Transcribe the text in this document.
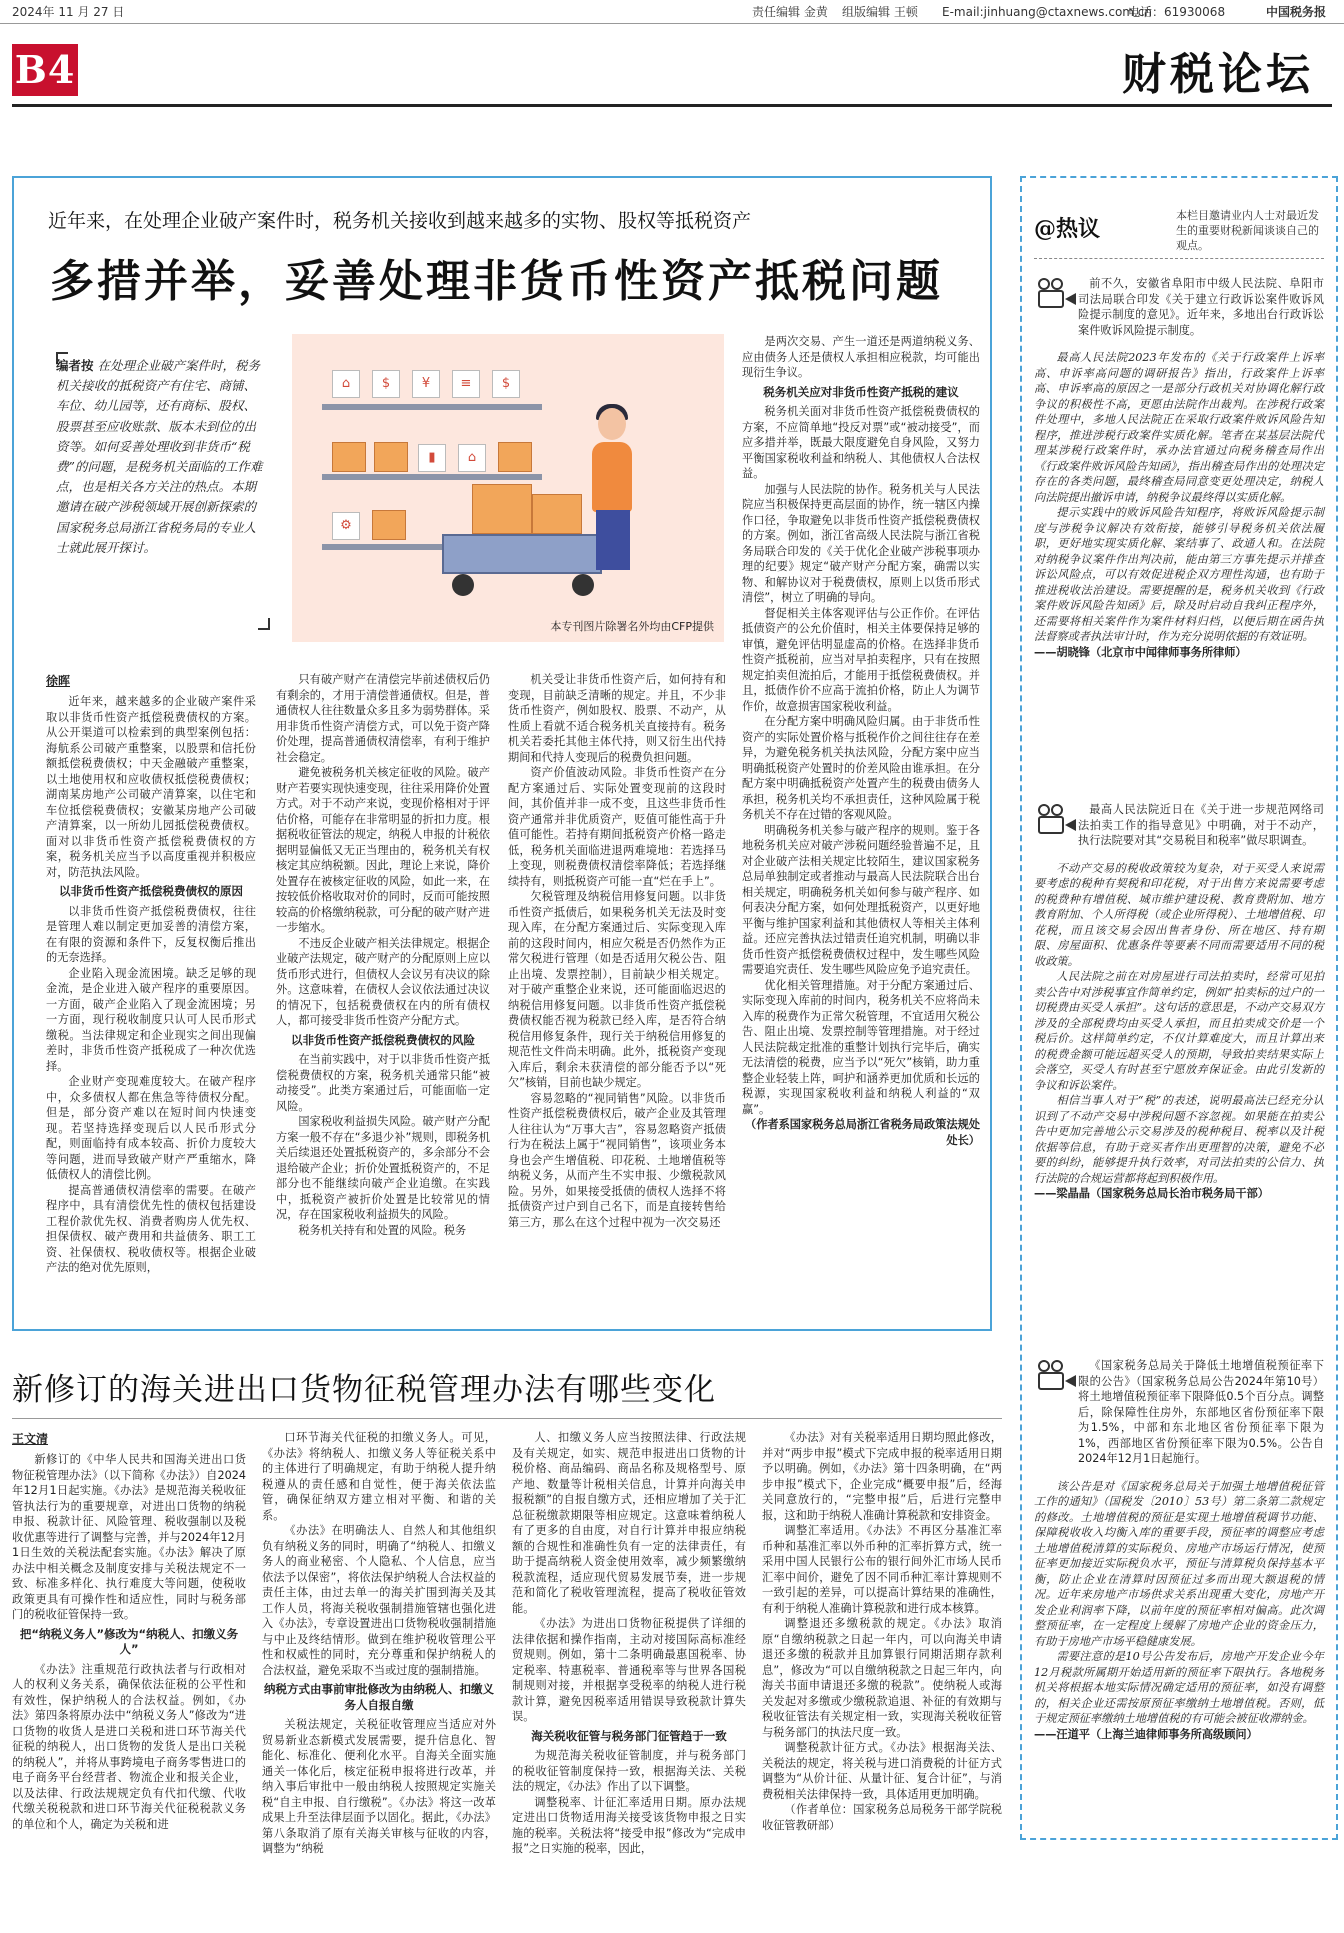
2024年 11 月 27 日	责任编辑 金黄 组版编辑 王顿 E-mail:jinhuang@ctaxnews.com.cn
电话：61930068	中国税务报
B4	财税论坛
近年来，在处理企业破产案件时，税务机关接收到越来越多的实物、股权等抵税资产
多措并举，妥善处理非货币性资产抵税问题
编者按 在处理企业破产案件时，税务机关接收的抵税资产有住宅、商铺、车位、幼儿园等，还有商标、股权、股票甚至应收账款、版本未到位的出资等。如何妥善处理收到非货币“税费”的问题，是税务机关面临的工作难点，也是相关各方关注的热点。本期邀请在破产涉税领域开展创新探索的国家税务总局浙江省税务局的专业人士就此展开探讨。
⌂	$	¥	≡	$
▮	⌂
⚙
本专刊图片除署名外均由CFP提供

是两次交易、产生一道还是两道纳税义务、应由债务人还是债权人承担相应税款，均可能出现衍生争议。

税务机关应对非货币性资产抵税的建议

税务机关面对非货币性资产抵偿税费债权的方案，不应简单地“投反对票”或“被动接受”，而应多措并举，既最大限度避免自身风险，又努力平衡国家税收利益和纳税人、其他债权人合法权益。

加强与人民法院的协作。税务机关与人民法院应当积极保持更高层面的协作，统一辖区内操作口径，争取避免以非货币性资产抵偿税费债权的方案。例如，浙江省高级人民法院与浙江省税务局联合印发的《关于优化企业破产涉税事项办理的纪要》规定“破产财产分配方案，确需以实物、和解协议对于税费债权，原则上以货币形式清偿”，树立了明确的导向。

督促相关主体客观评估与公正作价。在评估抵债资产的公允价值时，相关主体要保持足够的审慎，避免评估明显虚高的价格。在选择非货币性资产抵税前，应当对早拍卖程序，只有在按照规定拍卖但流拍后，才能用于抵偿税费债权。并且，抵债作价不应高于流拍价格，防止人为调节作价，故意损害国家税收利益。

在分配方案中明确风险归属。由于非货币性资产的实际处置价格与抵税作价之间往往存在差异，为避免税务机关执法风险，分配方案中应当明确抵税资产处置时的价差风险由谁承担。在分配方案中明确抵税资产处置产生的税费由债务人承担，税务机关均不承担责任，这种风险属于税务机关不存在过错的客观风险。

明确税务机关参与破产程序的规则。鉴于各地税务机关应对破产涉税问题经验普遍不足，且对企业破产法相关规定比较陌生，建议国家税务总局单独制定或者推动与最高人民法院联合出台相关规定，明确税务机关如何参与破产程序、如何表决分配方案，如何处理抵税资产，以更好地平衡与维护国家利益和其他债权人等相关主体利益。还应完善执法过错责任追究机制，明确以非货币性资产抵偿税费债权过程中，发生哪些风险需要追究责任、发生哪些风险应免予追究责任。

优化相关管理措施。对于分配方案通过后、实际变现入库前的时间内，税务机关不应将尚未入库的税费作为正常欠税管理，不宜适用欠税公告、阻止出境、发票控制等管理措施。对于经过人民法院裁定批准的重整计划执行完毕后，确实无法清偿的税费，应当予以“死欠”核销，助力重整企业轻装上阵，呵护和涵养更加优质和长远的税源，实现国家税收利益和纳税人利益的“双赢”。

（作者系国家税务总局浙江省税务局政策法规处处长）

徐晖

近年来，越来越多的企业破产案件采取以非货币性资产抵偿税费债权的方案。从公开渠道可以检索到的典型案例包括：海航系公司破产重整案，以股票和信托份额抵偿税费债权；中天金融破产重整案，以土地使用权和应收债权抵偿税费债权；湖南某房地产公司破产清算案，以住宅和车位抵偿税费债权；安徽某房地产公司破产清算案，以一所幼儿园抵偿税费债权。面对以非货币性资产抵偿税费债权的方案，税务机关应当予以高度重视并积极应对，防范执法风险。

以非货币性资产抵偿税费债权的原因

以非货币性资产抵偿税费债权，往往是管理人难以制定更加妥善的清偿方案，在有限的资源和条件下，反复权衡后推出的无奈选择。

企业陷入现金流困境。缺乏足够的现金流，是企业进入破产程序的重要原因。一方面，破产企业陷入了现金流困境；另一方面，现行税收制度只认可人民币形式缴税。当法律规定和企业现实之间出现偏差时，非货币性资产抵税成了一种次优选择。

企业财产变现难度较大。在破产程序中，众多债权人都在焦急等待债权分配。但是，部分资产难以在短时间内快速变现。若坚持选择变现后以人民币形式分配，则面临持有成本较高、折价力度较大等问题，进而导致破产财产严重缩水，降低债权人的清偿比例。

提高普通债权清偿率的需要。在破产程序中，具有清偿优先性的债权包括建设工程价款优先权、消费者购房人优先权、担保债权、破产费用和共益债务、职工工资、社保债权、税收债权等。根据企业破产法的绝对优先原则，

只有破产财产在清偿完毕前述债权后仍有剩余的，才用于清偿普通债权。但是，普通债权人往往数量众多且多为弱势群体。采用非货币性资产清偿方式，可以免于资产降价处理，提高普通债权清偿率，有利于维护社会稳定。

避免被税务机关核定征收的风险。破产财产若要实现快速变现，往往采用降价处置方式。对于不动产来说，变现价格相对于评估价格，可能存在非常明显的折扣力度。根据税收征管法的规定，纳税人申报的计税依据明显偏低又无正当理由的，税务机关有权核定其应纳税额。因此，理论上来说，降价处置存在被核定征收的风险，如此一来，在按较低价格收取对价的同时，反而可能按照较高的价格缴纳税款，可分配的破产财产进一步缩水。

不违反企业破产相关法律规定。根据企业破产法规定，破产财产的分配原则上应以货币形式进行，但债权人会议另有决议的除外。这意味着，在债权人会议依法通过决议的情况下，包括税费债权在内的所有债权人，都可接受非货币性资产分配方式。

以非货币性资产抵偿税费债权的风险

在当前实践中，对于以非货币性资产抵偿税费债权的方案，税务机关通常只能“被动接受”。此类方案通过后，可能面临一定风险。

国家税收利益损失风险。破产财产分配方案一般不存在“多退少补”规则，即税务机关后续退还处置抵税资产的，多余部分不会退给破产企业；折价处置抵税资产的，不足部分也不能继续向破产企业追缴。在实践中，抵税资产被折价处置是比较常见的情况，存在国家税收利益损失的风险。

税务机关持有和处置的风险。税务

机关受让非货币性资产后，如何持有和变现，目前缺乏清晰的规定。并且，不少非货币性资产，例如股权、股票、不动产，从性质上看就不适合税务机关直接持有。税务机关若委托其他主体代持，则又衍生出代持期间和代持人变现后的税费负担问题。

资产价值波动风险。非货币性资产在分配方案通过后、实际处置变现前的这段时间，其价值并非一成不变，且这些非货币性资产通常并非优质资产，贬值可能性高于升值可能性。若持有期间抵税资产价格一路走低，税务机关面临进退两难境地：若选择马上变现，则税费债权清偿率降低；若选择继续持有，则抵税资产可能一直“烂在手上”。

欠税管理及纳税信用修复问题。以非货币性资产抵债后，如果税务机关无法及时变现入库，在分配方案通过后、实际变现入库前的这段时间内，相应欠税是否仍然作为正常欠税进行管理（如是否适用欠税公告、阻止出境、发票控制），目前缺少相关规定。对于破产重整企业来说，还可能面临迟迟的纳税信用修复问题。以非货币性资产抵偿税费债权能否视为税款已经入库，是否符合纳税信用修复条件，现行关于纳税信用修复的规范性文件尚未明确。此外，抵税资产变现入库后，剩余未获清偿的部分能否予以“死欠”核销，目前也缺少规定。

容易忽略的“视同销售”风险。以非货币性资产抵偿税费债权后，破产企业及其管理人往往认为“万事大吉”，容易忽略资产抵债行为在税法上属于“视同销售”，该项业务本身也会产生增值税、印花税、土地增值税等纳税义务，从而产生不实申报、少缴税款风险。另外，如果接受抵债的债权人选择不将抵债资产过户到自己名下，而是直接转售给第三方，那么在这个过程中视为一次交易还

@热议
本栏目邀请业内人士对最近发生的重要财税新闻谈谈自己的观点。

前不久，安徽省阜阳市中级人民法院、阜阳市司法局联合印发《关于建立行政诉讼案件败诉风险提示制度的意见》。近年来，多地出台行政诉讼案件败诉风险提示制度。

最高人民法院2023年发布的《关于行政案件上诉率高、申诉率高问题的调研报告》指出，行政案件上诉率高、申诉率高的原因之一是部分行政机关对协调化解行政争议的积极性不高，更愿由法院作出裁判。在涉税行政案件处理中，多地人民法院正在采取行政案件败诉风险告知程序，推进涉税行政案件实质化解。笔者在某基层法院代理某涉税行政案件时，承办法官通过向税务稽查局作出《行政案件败诉风险告知函》，指出稽查局作出的处理决定存在的各类问题，最终稽查局同意变更处理决定，纳税人向法院提出撤诉申请，纳税争议最终得以实质化解。

提示实践中的败诉风险告知程序，将败诉风险提示制度与涉税争议解决有效衔接，能够引导税务机关依法履职，更好地实现实质化解、案结事了、政通人和。在法院对纳税争议案件作出判决前，能由第三方事先提示并排查诉讼风险点，可以有效促进税企双方理性沟通，也有助于推进税收法治建设。需要提醒的是，税务机关收到《行政案件败诉风险告知函》后，除及时启动自我纠正程序外，还需要将相关案件作为案件材料归档，以便后期在函告执法督察或者执法审计时，作为充分说明依据的有效证明。

——胡晓锋（北京市中闻律师事务所律师）

最高人民法院近日在《关于进一步规范网络司法拍卖工作的指导意见》中明确，对于不动产，执行法院要对其“交易税目和税率”做尽职调查。

不动产交易的税收政策较为复杂，对于买受人来说需要考虑的税种有契税和印花税，对于出售方来说需要考虑的税费种有增值税、城市维护建设税、教育费附加、地方教育附加、个人所得税（或企业所得税）、土地增值税、印花税，而且该交易会因出售者身份、所在地区、持有期限、房屋面积、优惠条件等要素不同而需要适用不同的税收政策。

人民法院之前在对房屋进行司法拍卖时，经常可见拍卖公告中对涉税事宜作简单约定，例如“拍卖标的过户的一切税费由买受人承担”。这句话的意思是，不动产交易双方涉及的全部税费均由买受人承担，而且拍卖成交价是一个税后价。这样简单约定，不仅计算难度大，而且计算出来的税费金额可能远超买受人的预期，导致拍卖结果实际上会落空，买受人有时甚至宁愿放弃保证金。由此引发新的争议和诉讼案件。

相信当事人对于“税”的表述，说明最高法已经充分认识到了不动产交易中涉税问题不容忽视。如果能在拍卖公告中更加完善地公示交易涉及的税种税目、税率以及计税依据等信息，有助于竞买者作出更理智的决策，避免不必要的纠纷，能够提升执行效率，对司法拍卖的公信力、执行法院的合规运营都将起到积极作用。

——梁晶晶（国家税务总局长治市税务局干部）

《国家税务总局关于降低土地增值税预征率下限的公告》（国家税务总局公告2024年第10号）将土地增值税预征率下限降低0.5个百分点。调整后，除保障性住房外，东部地区省份预征率下限为1.5%，中部和东北地区省份预征率下限为1%，西部地区省份预征率下限为0.5%。公告自2024年12月1日起施行。

该公告是对《国家税务总局关于加强土地增值税征管工作的通知》（国税发〔2010〕53号）第二条第二款规定的修改。土地增值税的预征是实现土地增值税调节功能、保障税收收入均衡入库的重要手段，预征率的调整应考虑土地增值税清算的实际税负、房地产市场运行情况，使预征率更加接近实际税负水平，预征与清算税负保持基本平衡，防止企业在清算时因预征过多而出现大额退税的情况。近年来房地产市场供求关系出现重大变化，房地产开发企业利润率下降，以前年度的预征率相对偏高。此次调整预征率，在一定程度上缓解了房地产企业的资金压力，有助于房地产市场平稳健康发展。

需要注意的是10号公告发布后，房地产开发企业今年12月税款所属期开始适用新的预征率下限执行。各地税务机关将根据本地实际情况确定适用的预征率，如没有调整的，相关企业还需按原预征率缴纳土地增值税。否则，低于规定预征率缴纳土地增值税的有可能会被征收滞纳金。

——汪道平（上海兰迪律师事务所高级顾问）

新修订的海关进出口货物征税管理办法有哪些变化
王文清

新修订的《中华人民共和国海关进出口货物征税管理办法》（以下简称《办法》）自2024年12月1日起实施。《办法》是规范海关税收征管执法行为的重要规章，对进出口货物的纳税申报、税款计征、风险管理、税收强制以及税收优惠等进行了调整与完善，并与2024年12月1日生效的关税法配套实施。《办法》解决了原办法中相关概念及制度安排与关税法规定不一致、标准多样化、执行难度大等问题，使税收政策更具有可操作性和适应性，同时与税务部门的税收征管保持一致。

把“纳税义务人”修改为“纳税人、扣缴义务人”

《办法》注重规范行政执法者与行政相对人的权利义务关系，确保依法征税的公平性和有效性，保护纳税人的合法权益。例如，《办法》第四条将原办法中“纳税义务人”修改为“进口货物的收货人是进口关税和进口环节海关代征税的纳税人，出口货物的发货人是出口关税的纳税人”，并将从事跨境电子商务零售进口的电子商务平台经营者、物流企业和报关企业，以及法律、行政法规规定负有代扣代缴、代收代缴关税税款和进口环节海关代征税税款义务的单位和个人，确定为关税和进

口环节海关代征税的扣缴义务人。可见，《办法》将纳税人、扣缴义务人等征税关系中的主体进行了明确规定，有助于纳税人提升纳税遵从的责任感和自觉性，便于海关依法监管，确保征纳双方建立相对平衡、和谐的关系。

《办法》在明确法人、自然人和其他组织负有纳税义务的同时，明确了“纳税人、扣缴义务人的商业秘密、个人隐私、个人信息，应当依法予以保密”，将依法保护纳税人合法权益的责任主体，由过去单一的海关扩围到海关及其工作人员，将海关税收强制措施管辖也强化进入《办法》，专章设置进出口货物税收强制措施与中止及终结情形。做到在维护税收管理公平性和权威性的同时，充分尊重和保护纳税人的合法权益，避免采取不当或过度的强制措施。

纳税方式由事前审批修改为由纳税人、扣缴义务人自报自缴

关税法规定，关税征收管理应当适应对外贸易新业态新模式发展需要，提升信息化、智能化、标准化、便利化水平。自海关全面实施通关一体化后，核定征税申报将进行改革，并纳入事后审批中一般由纳税人按照规定实施关税“自主申报、自行缴税”。《办法》将这一改革成果上升至法律层面予以固化。据此，《办法》第八条取消了原有关海关审核与征收的内容，调整为“纳税

人、扣缴义务人应当按照法律、行政法规及有关规定，如实、规范申报进出口货物的计税价格、商品编码、商品名称及规格型号、原产地、数量等计税相关信息，计算并向海关申报税额”的自报自缴方式，还相应增加了关于汇总征税缴款期限等相应规定。这意味着纳税人有了更多的自由度，对自行计算并申报应纳税额的合规性和准确性负有一定的法律责任，有助于提高纳税人资金使用效率，减少频繁缴纳税款流程，适应现代贸易发展节奏，进一步规范和简化了税收管理流程，提高了税收征管效能。

《办法》为进出口货物征税提供了详细的法律依据和操作指南，主动对接国际高标准经贸规则。例如，第十二条明确最惠国税率、协定税率、特惠税率、普通税率等与世界各国税制规则对接，并根据享受税率的纳税人进行税款计算，避免因税率适用错误导致税款计算失误。

海关税收征管与税务部门征管趋于一致

为规范海关税收征管制度，并与税务部门的税收征管制度保持一致，根据海关法、关税法的规定，《办法》作出了以下调整。

调整税率、计征汇率适用日期。原办法规定进出口货物适用海关接受该货物申报之日实施的税率。关税法将“接受申报”修改为“完成申报”之日实施的税率，因此，

《办法》对有关税率适用日期均照此修改，并对“两步申报”模式下完成申报的税率适用日期予以明确。例如，《办法》第十四条明确，在“两步申报”模式下，企业完成“概要申报”后，经海关同意放行的，“完整申报”后，后进行完整申报，这和助于纳税人准确计算税款和安排资金。

调整汇率适用。《办法》不再区分基准汇率币种和基准汇率以外币种的汇率折算方式，统一采用中国人民银行公布的银行间外汇市场人民币汇率中间价，避免了因不同币种汇率计算规则不一致引起的差异，可以提高计算结果的准确性，有利于纳税人准确计算税款和进行成本核算。

调整退还多缴税款的规定。《办法》取消原“自缴纳税款之日起一年内，可以向海关申请退还多缴的税款并且加算银行同期活期存款利息”，修改为“可以自缴纳税款之日起三年内，向海关书面申请退还多缴的税款”。使纳税人或海关发起对多缴或少缴税款追退、补征的有效期与税收征管法有关规定相一致，实现海关税收征管与税务部门的执法尺度一致。

调整税款计征方式。《办法》根据海关法、关税法的规定，将关税与进口消费税的计征方式调整为“从价计征、从量计征、复合计征”，与消费税相关法律保持一致，具体适用更加明确。

（作者单位：国家税务总局税务干部学院税收征管教研部）
